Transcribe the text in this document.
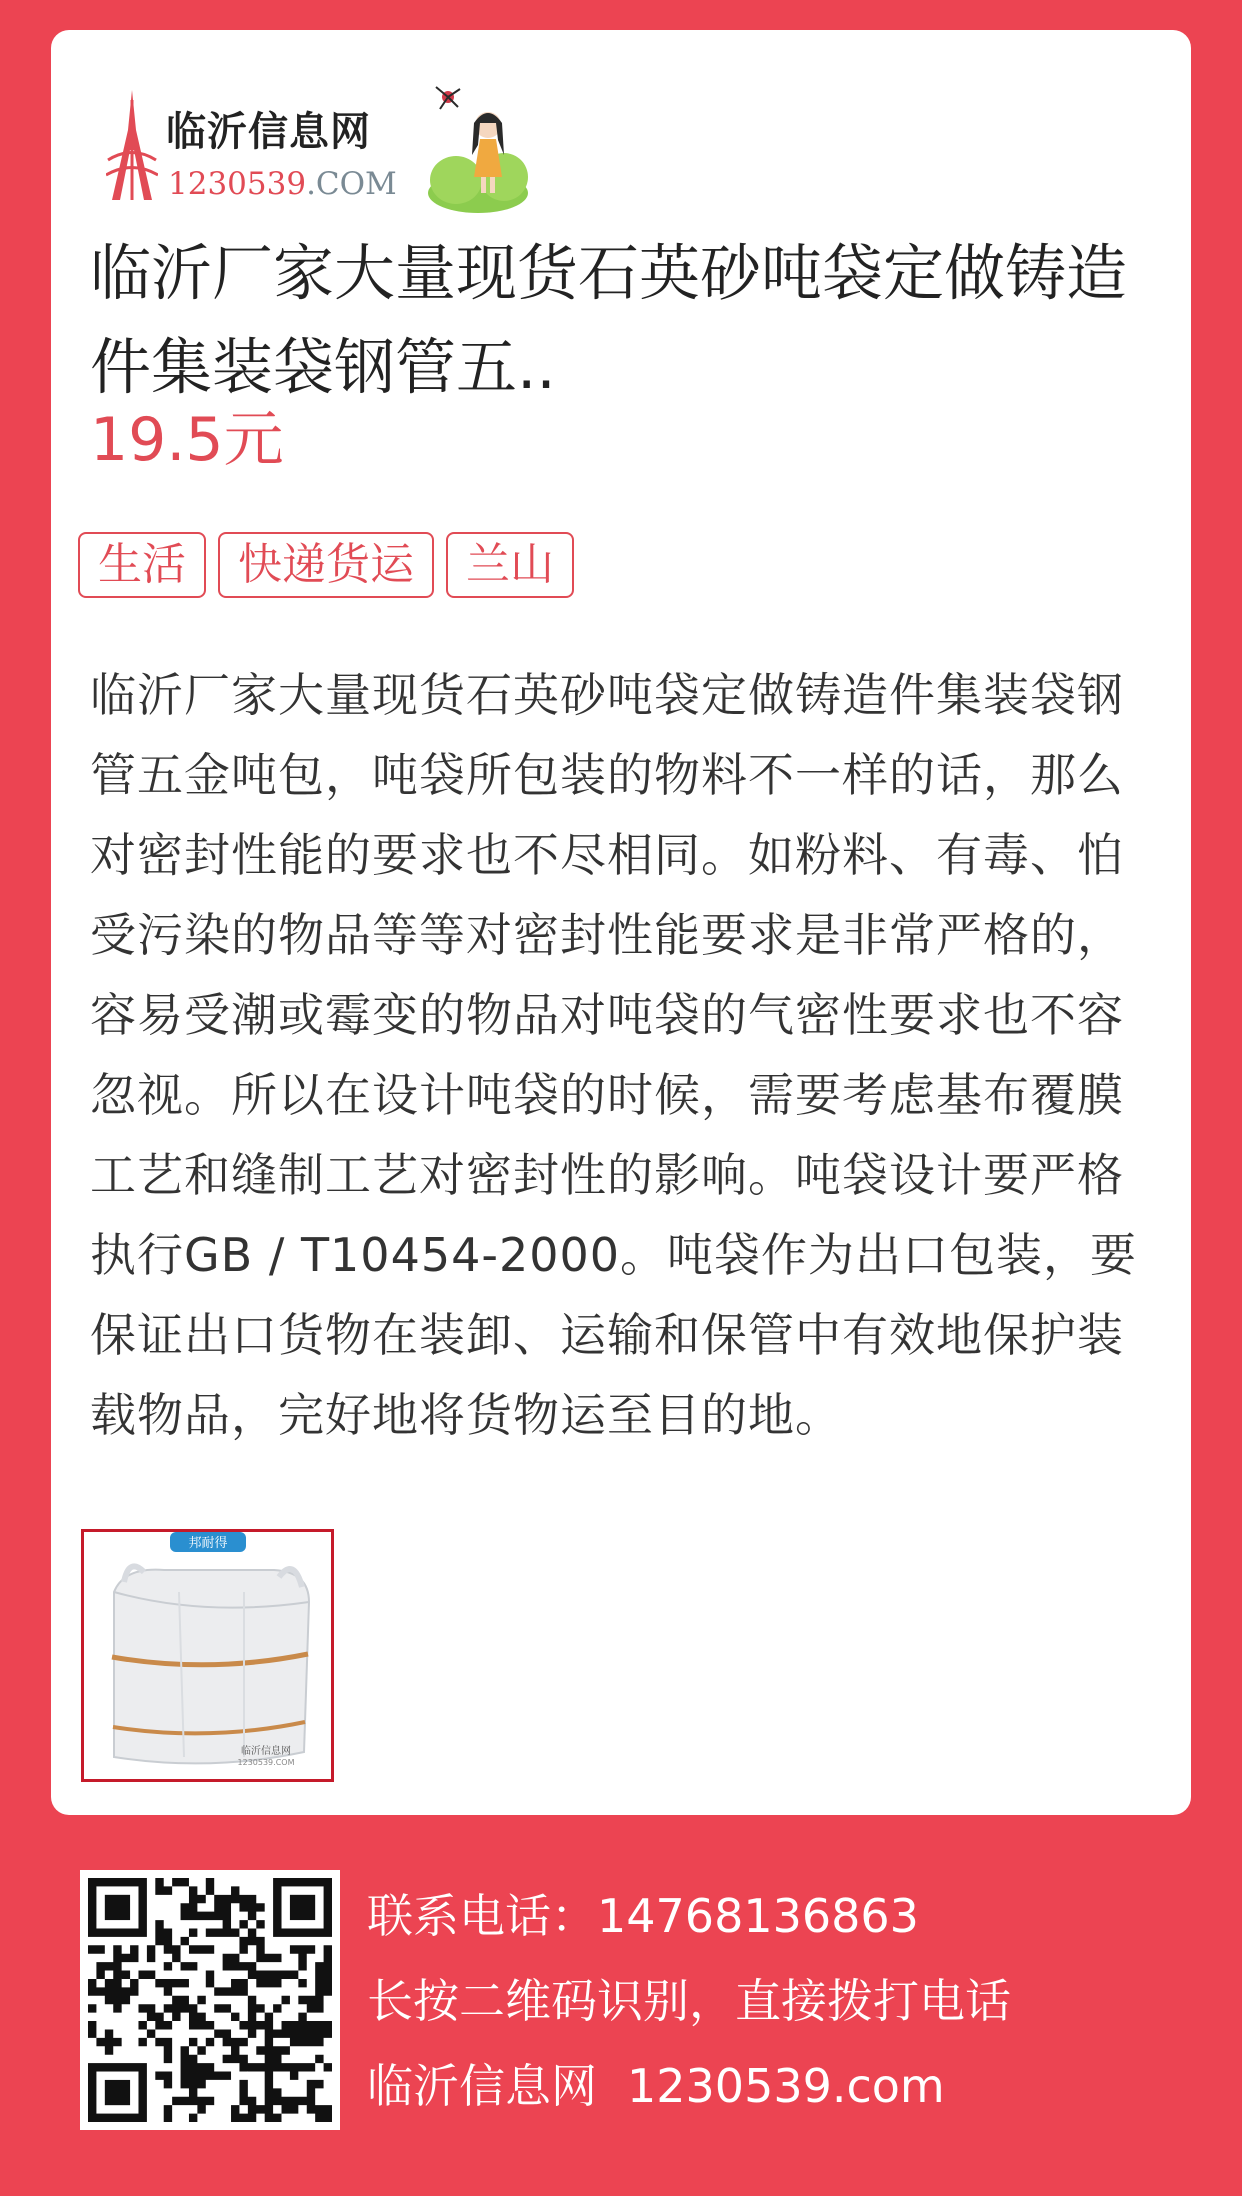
临沂信息网
1230539.COM
临沂厂家大量现货石英砂吨袋定做铸造件集装袋钢管五..
19.5元
生活	快递货运	兰山

临沂厂家大量现货石英砂吨袋定做铸造件集装袋钢管五金吨包，吨袋所包装的物料不一样的话，那么对密封性能的要求也不尽相同。如粉料、有毒、怕受污染的物品等等对密封性能要求是非常严格的，容易受潮或霉变的物品对吨袋的气密性要求也不容忽视。所以在设计吨袋的时候，需要考虑基布覆膜工艺和缝制工艺对密封性的影响。吨袋设计要严格执行GB / T10454-2000。吨袋作为出口包装，要保证出口货物在装卸、运输和保管中有效地保护装载物品，完好地将货物运至目的地。

邦耐得
临沂信息网
1230539.COM
联系电话：14768136863
长按二维码识别，直接拨打电话
临沂信息网 1230539.com
